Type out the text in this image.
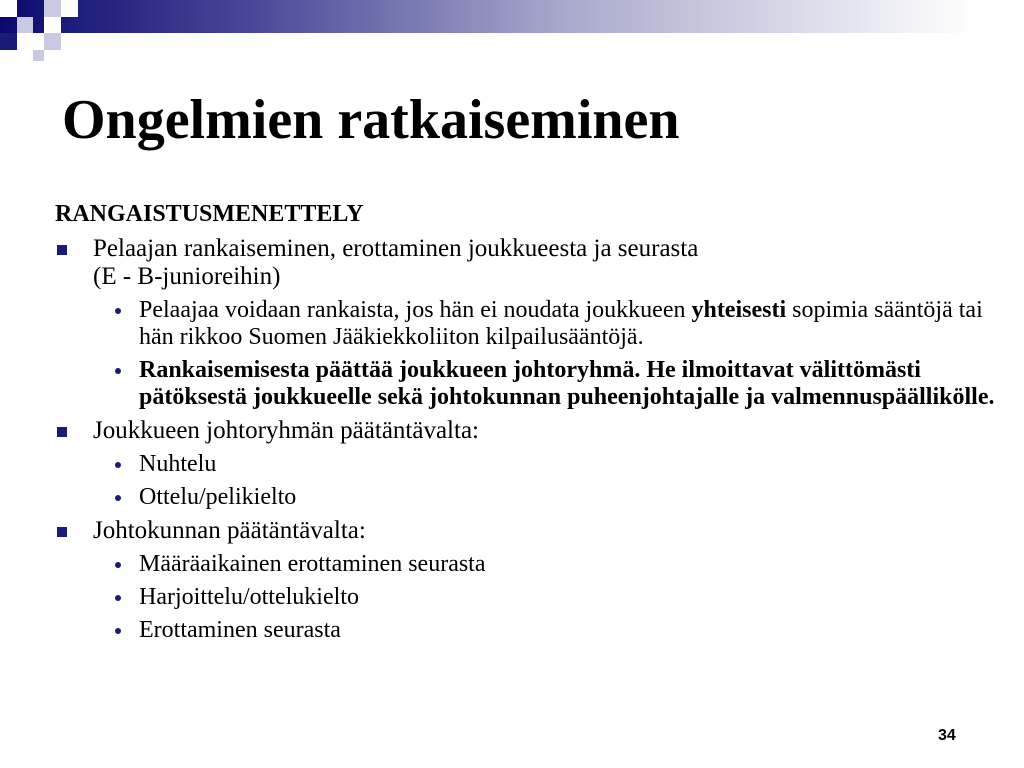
Ongelmien ratkaiseminen
RANGAISTUSMENETTELY
Pelaajan rankaiseminen, erottaminen joukkueesta ja seurasta
(E - B-junioreihin)
Pelaajaa voidaan rankaista, jos hän ei noudata joukkueen yhteisesti sopimia sääntöjä tai hän rikkoo Suomen Jääkiekkoliiton kilpailusääntöjä.
Rankaisemisesta päättää joukkueen johtoryhmä. He ilmoittavat välittömästi pätöksestä joukkueelle sekä johtokunnan puheenjohtajalle ja valmennuspäällikölle.
Joukkueen johtoryhmän päätäntävalta:
Nuhtelu
Ottelu/pelikielto
Johtokunnan päätäntävalta:
Määräaikainen erottaminen seurasta
Harjoittelu/ottelukielto
Erottaminen seurasta
34
